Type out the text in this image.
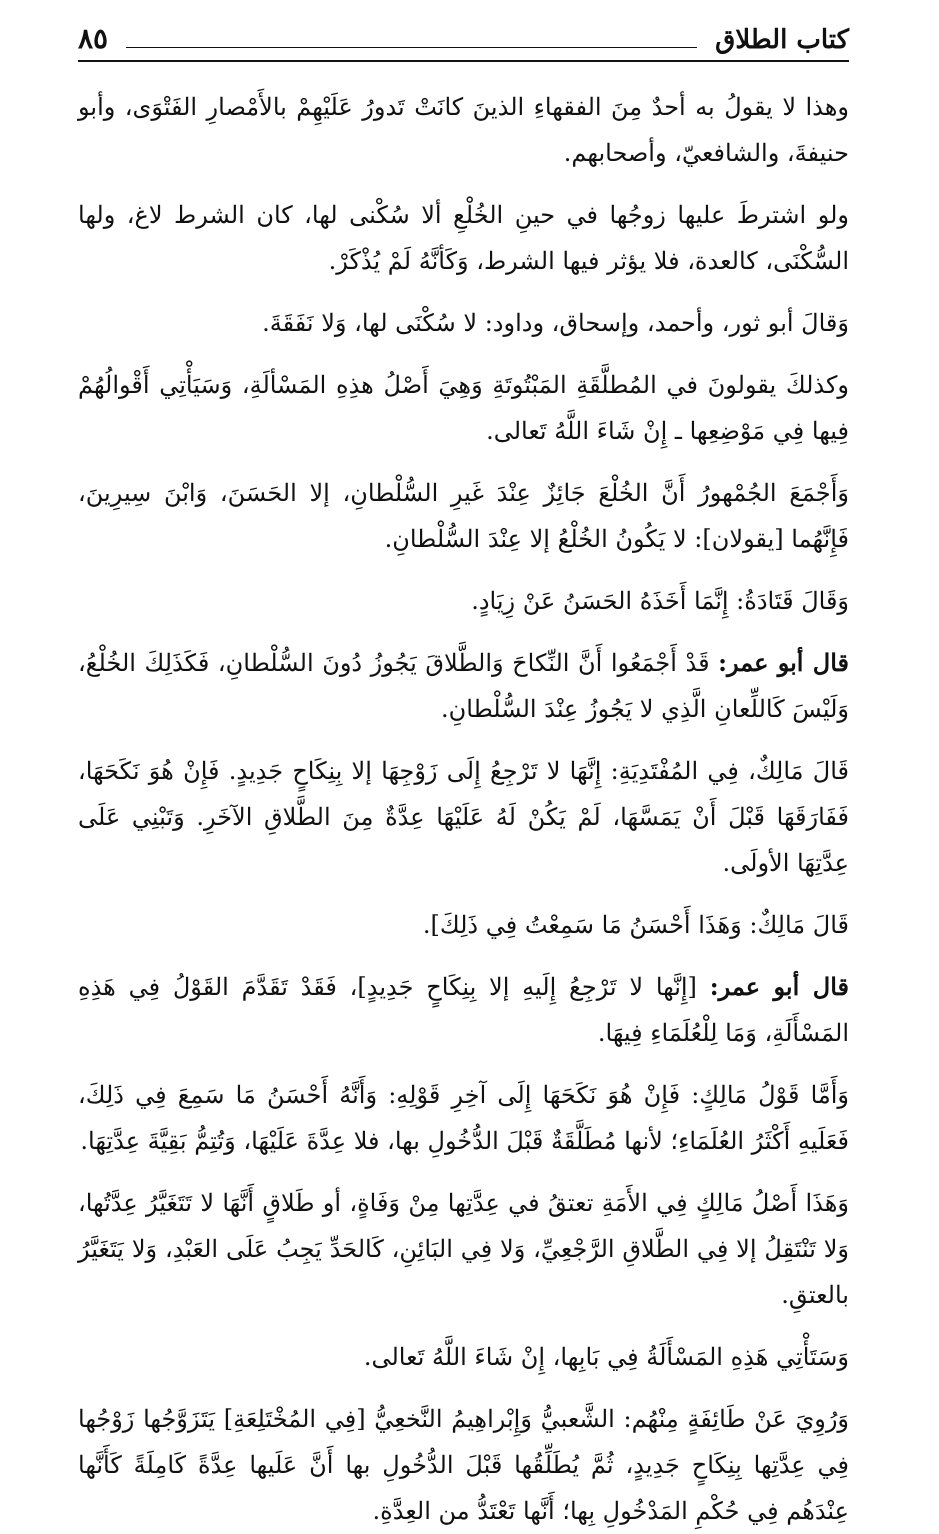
كتاب الطلاق
٨٥

وهذا لا يقولُ به أحدٌ مِنَ الفقهاءِ الذينَ كانَتْ تَدورُ عَلَيْهِمْ بالأَمْصارِ الفَتْوَى، وأبو حنيفةَ، والشافعيّ، وأصحابهم.

ولو اشترطَ عليها زوجُها في حينِ الخُلْعِ ألا سُكْنى لها، كان الشرط لاغ، ولها السُّكْنَى، كالعدة، فلا يؤثر فيها الشرط، وَكَأنَّهُ لَمْ يُذْكَرْ.

وَقالَ أبو ثور، وأحمد، وإسحاق، وداود: لا سُكْنَى لها، وَلا نَفَقَةَ.

وكذلكَ يقولونَ في المُطلَّقَةِ المَبْتُوتَةِ وَهِيَ أَصْلُ هذِهِ المَسْألَةِ، وَسَيَأْتِي أَقْوالُهُمْ فِيها فِي مَوْضِعِها ـ إِنْ شَاءَ اللَّهُ تَعالى.

وَأَجْمَعَ الجُمْهورُ أَنَّ الخُلْعَ جَائِزٌ عِنْدَ غَيرِ السُّلْطانِ، إلا الحَسَنَ، وَابْنَ سِيرِينَ، فَإِنَّهُما [يقولان]: لا يَكُونُ الخُلْعُ إلا عِنْدَ السُّلْطانِ.

وَقَالَ قَتَادَةُ: إِنَّمَا أَخَذَهُ الحَسَنُ عَنْ زِيَادٍ.

قال أبو عمر: قَدْ أَجْمَعُوا أَنَّ النِّكاحَ وَالطَّلاقَ يَجُوزُ دُونَ السُّلْطانِ، فَكَذَلِكَ الخُلْعُ، وَلَيْسَ كَاللِّعانِ الَّذِي لا يَجُوزُ عِنْدَ السُّلْطانِ.

قَالَ مَالِكٌ، فِي المُفْتَدِيَةِ: إِنَّهَا لا تَرْجِعُ إِلَى زَوْجِهَا إلا بِنِكَاحٍ جَدِيدٍ. فَإِنْ هُوَ نَكَحَهَا، فَفَارَقَهَا قَبْلَ أَنْ يَمَسَّهَا، لَمْ يَكُنْ لَهُ عَلَيْهَا عِدَّةٌ مِنَ الطَّلاقِ الآخَرِ. وَتَبْنِي عَلَى عِدَّتِهَا الأولَى.

قَالَ مَالِكٌ: وَهَذَا أَحْسَنُ مَا سَمِعْتُ فِي ذَلِكَ].

قال أبو عمر: [إِنَّها لا تَرْجِعُ إِلَيهِ إلا بِنِكَاحٍ جَدِيدٍ]، فَقَدْ تَقَدَّمَ القَوْلُ فِي هَذِهِ المَسْأَلَةِ، وَمَا لِلْعُلَمَاءِ فِيهَا.

وَأَمَّا قَوْلُ مَالِكٍ: فَإِنْ هُوَ نَكَحَهَا إِلَى آخِرِ قَوْلِهِ: وَأَنَّهُ أَحْسَنُ مَا سَمِعَ فِي ذَلِكَ، فَعَلَيهِ أَكْثَرُ العُلَمَاءِ؛ لأنها مُطَلَّقَةٌ قَبْلَ الدُّخُولِ بها، فلا عِدَّةَ عَلَيْهَا، وَتُتِمُّ بَقِيَّةَ عِدَّتِهَا.

وَهَذَا أَصْلُ مَالِكٍ فِي الأَمَةِ تعتقُ في عِدَّتِها مِنْ وَفَاةٍ، أو طَلاقٍ أَنَّهَا لا تَتَغَيَّرُ عِدَّتُها، وَلا تَنْتَقِلُ إلا فِي الطَّلاقِ الرَّجْعِيِّ، وَلا فِي البَائِنِ، كَالحَدِّ يَجِبُ عَلَى العَبْدِ، وَلا يَتَغَيَّرُ بالعتقِ.

وَسَتَأْتِي هَذِهِ المَسْأَلَةُ فِي بَابِها، إِنْ شَاءَ اللَّهُ تَعالى.

وَرُوِيَ عَنْ طَائِفَةٍ مِنْهُم: الشَّعبيُّ وَإِبْراهِيمُ النَّخعِيُّ [فِي المُخْتَلِعَةِ] يَتَزَوَّجُها زَوْجُها فِي عِدَّتِها بِنِكَاحٍ جَدِيدٍ، ثُمَّ يُطَلِّقُها قَبْلَ الدُّخُولِ بها أَنَّ عَلَيها عِدَّةً كَامِلَةً كَأَنَّها عِنْدَهُم فِي حُكْمِ المَدْخُولِ بِها؛ أَنَّها تَعْتَدُّ من العِدَّةِ.
